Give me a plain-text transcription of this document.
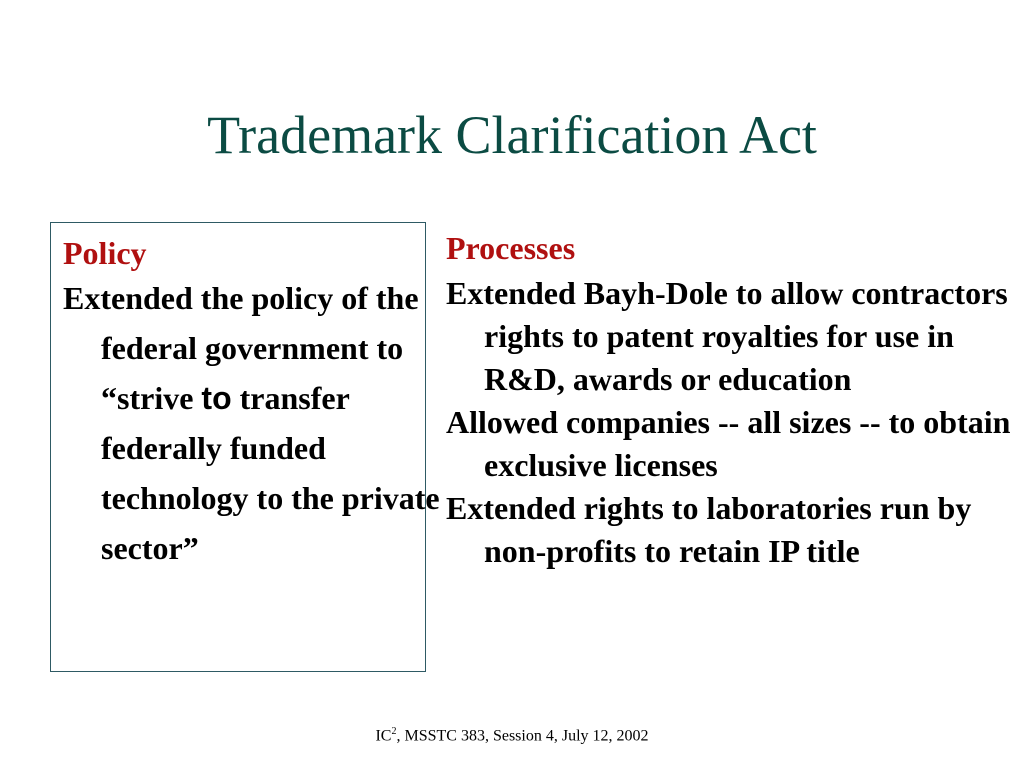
Trademark Clarification Act
Policy

Extended the policy of the federal government to “strive to transfer federally funded technology to the private sector”

Processes
Extended Bayh-Dole to allow contractors rights to patent royalties for use in R&D, awards or education
Allowed companies -- all sizes -- to obtain exclusive licenses
Extended rights to laboratories run by non-profits to retain IP title
$IC^2$, MSSTC 383, Session 4, July 12, 2002
